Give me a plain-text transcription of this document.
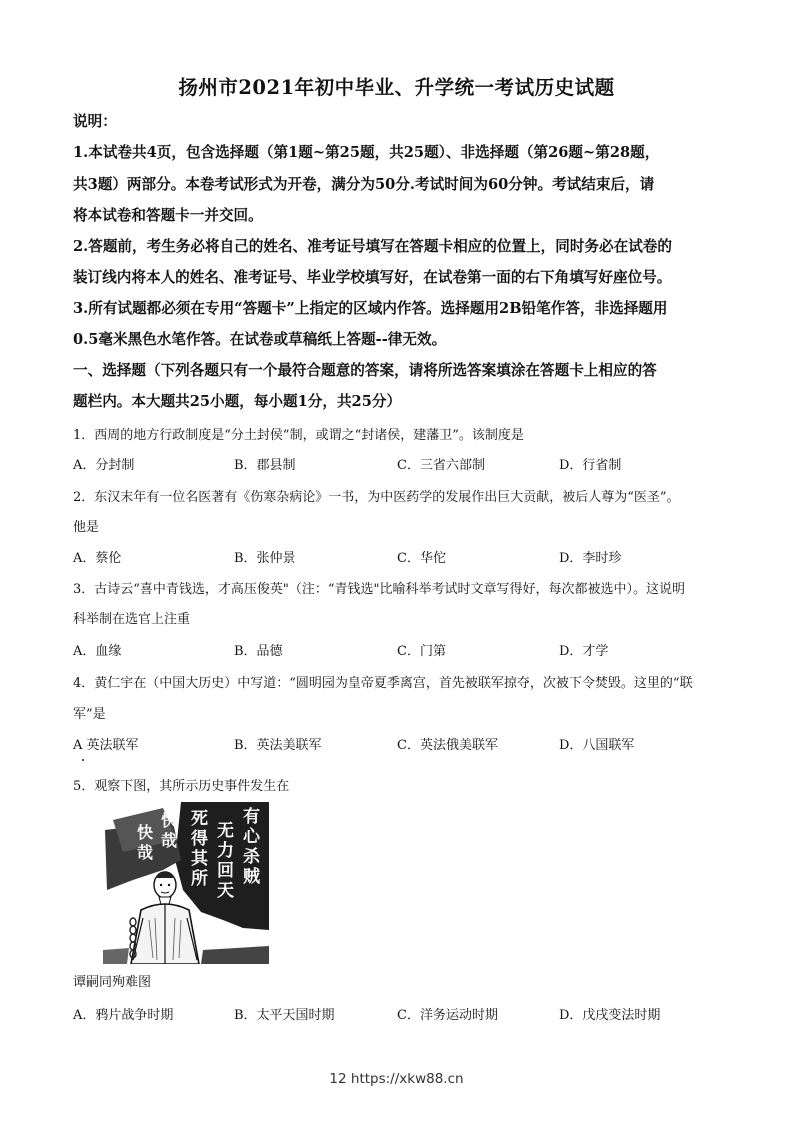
扬州市2021年初中毕业、升学统一考试历史试题
说明：
1.本试卷共4页，包含选择题（第1题~第25题，共25题）、非选择题（第26题~第28题，
共3题）两部分。本卷考试形式为开卷，满分为50分.考试时间为60分钟。考试结束后，请
将本试卷和答题卡一并交回。
2.答题前，考生务必将自己的姓名、准考证号填写在答题卡相应的位置上，同时务必在试卷的
装订线内将本人的姓名、准考证号、毕业学校填写好，在试卷第一面的右下角填写好座位号。
3.所有试题都必须在专用“答题卡”上指定的区域内作答。选择题用2B铅笔作答，非选择题用
0.5毫米黑色水笔作答。在试卷或草稿纸上答题--律无效。
一、选择题（下列各题只有一个最符合题意的答案，请将所选答案填涂在答题卡上相应的答
题栏内。本大题共25小题，每小题1分，共25分）
1．西周的地方行政制度是“分土封侯”制，或谓之“封诸侯，建藩卫”。该制度是
A．分封制	B．郡县制	C．三省六部制	D．行省制
2．东汉末年有一位名医著有《伤寒杂病论》一书，为中医药学的发展作出巨大贡献，被后人尊为“医圣”。
他是
A．蔡伦	B．张仲景	C．华佗	D．李时珍
3．古诗云“喜中青钱选，才高压俊英"（注：“青钱选"比喻科举考试时文章写得好，每次都被选中）。这说明
科举制在选官上注重
A．血缘	B．品德	C．门第	D．才学
4．黄仁宇在（中国大历史）中写道：“圆明园为皇帝夏季离宫，首先被联军掠夺，次被下令焚毁。这里的“联
军”是
A 英法联军	B．英法美联军	C．英法俄美联军	D．八国联军
5．观察下图，其所示历史事件发生在
有
心
杀
贼
无
力
回
天
死
得
其
所
快
哉
快
哉
谭嗣同殉难图
A．鸦片战争时期	B．太平天国时期	C．洋务运动时期	D．戊戌变法时期
12 https://xkw88.cn
